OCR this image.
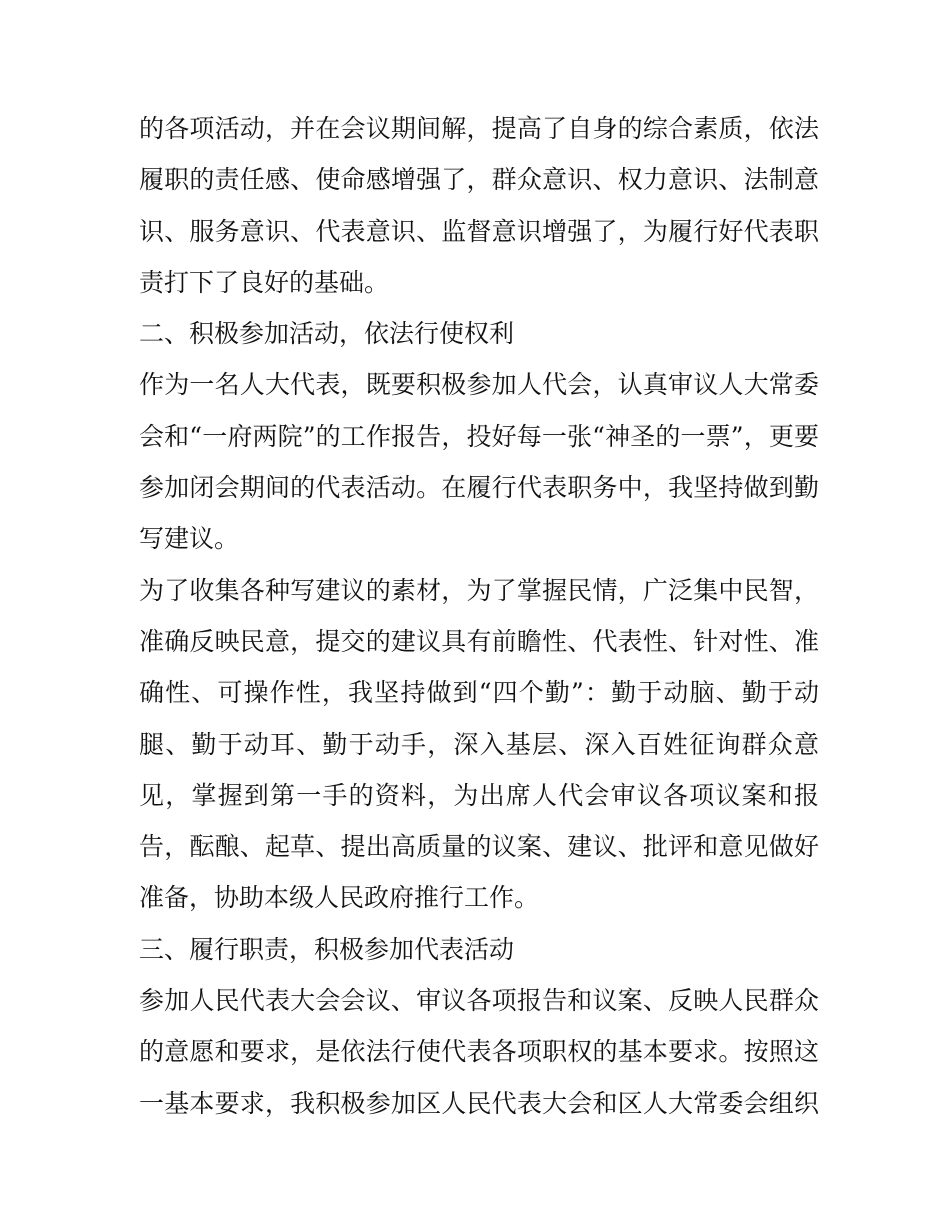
的各项活动，并在会议期间解，提高了自身的综合素质，依法
履职的责任感、使命感增强了，群众意识、权力意识、法制意
识、服务意识、代表意识、监督意识增强了，为履行好代表职
责打下了良好的基础。
二、积极参加活动，依法行使权利
作为一名人大代表，既要积极参加人代会，认真审议人大常委
会和“一府两院”的工作报告，投好每一张“神圣的一票”，更要
参加闭会期间的代表活动。在履行代表职务中，我坚持做到勤
写建议。
为了收集各种写建议的素材，为了掌握民情，广泛集中民智，
准确反映民意，提交的建议具有前瞻性、代表性、针对性、准
确性、可操作性，我坚持做到“四个勤”：勤于动脑、勤于动
腿、勤于动耳、勤于动手，深入基层、深入百姓征询群众意
见，掌握到第一手的资料，为出席人代会审议各项议案和报
告，酝酿、起草、提出高质量的议案、建议、批评和意见做好
准备，协助本级人民政府推行工作。
三、履行职责，积极参加代表活动
参加人民代表大会会议、审议各项报告和议案、反映人民群众
的意愿和要求，是依法行使代表各项职权的基本要求。按照这
一基本要求，我积极参加区人民代表大会和区人大常委会组织
